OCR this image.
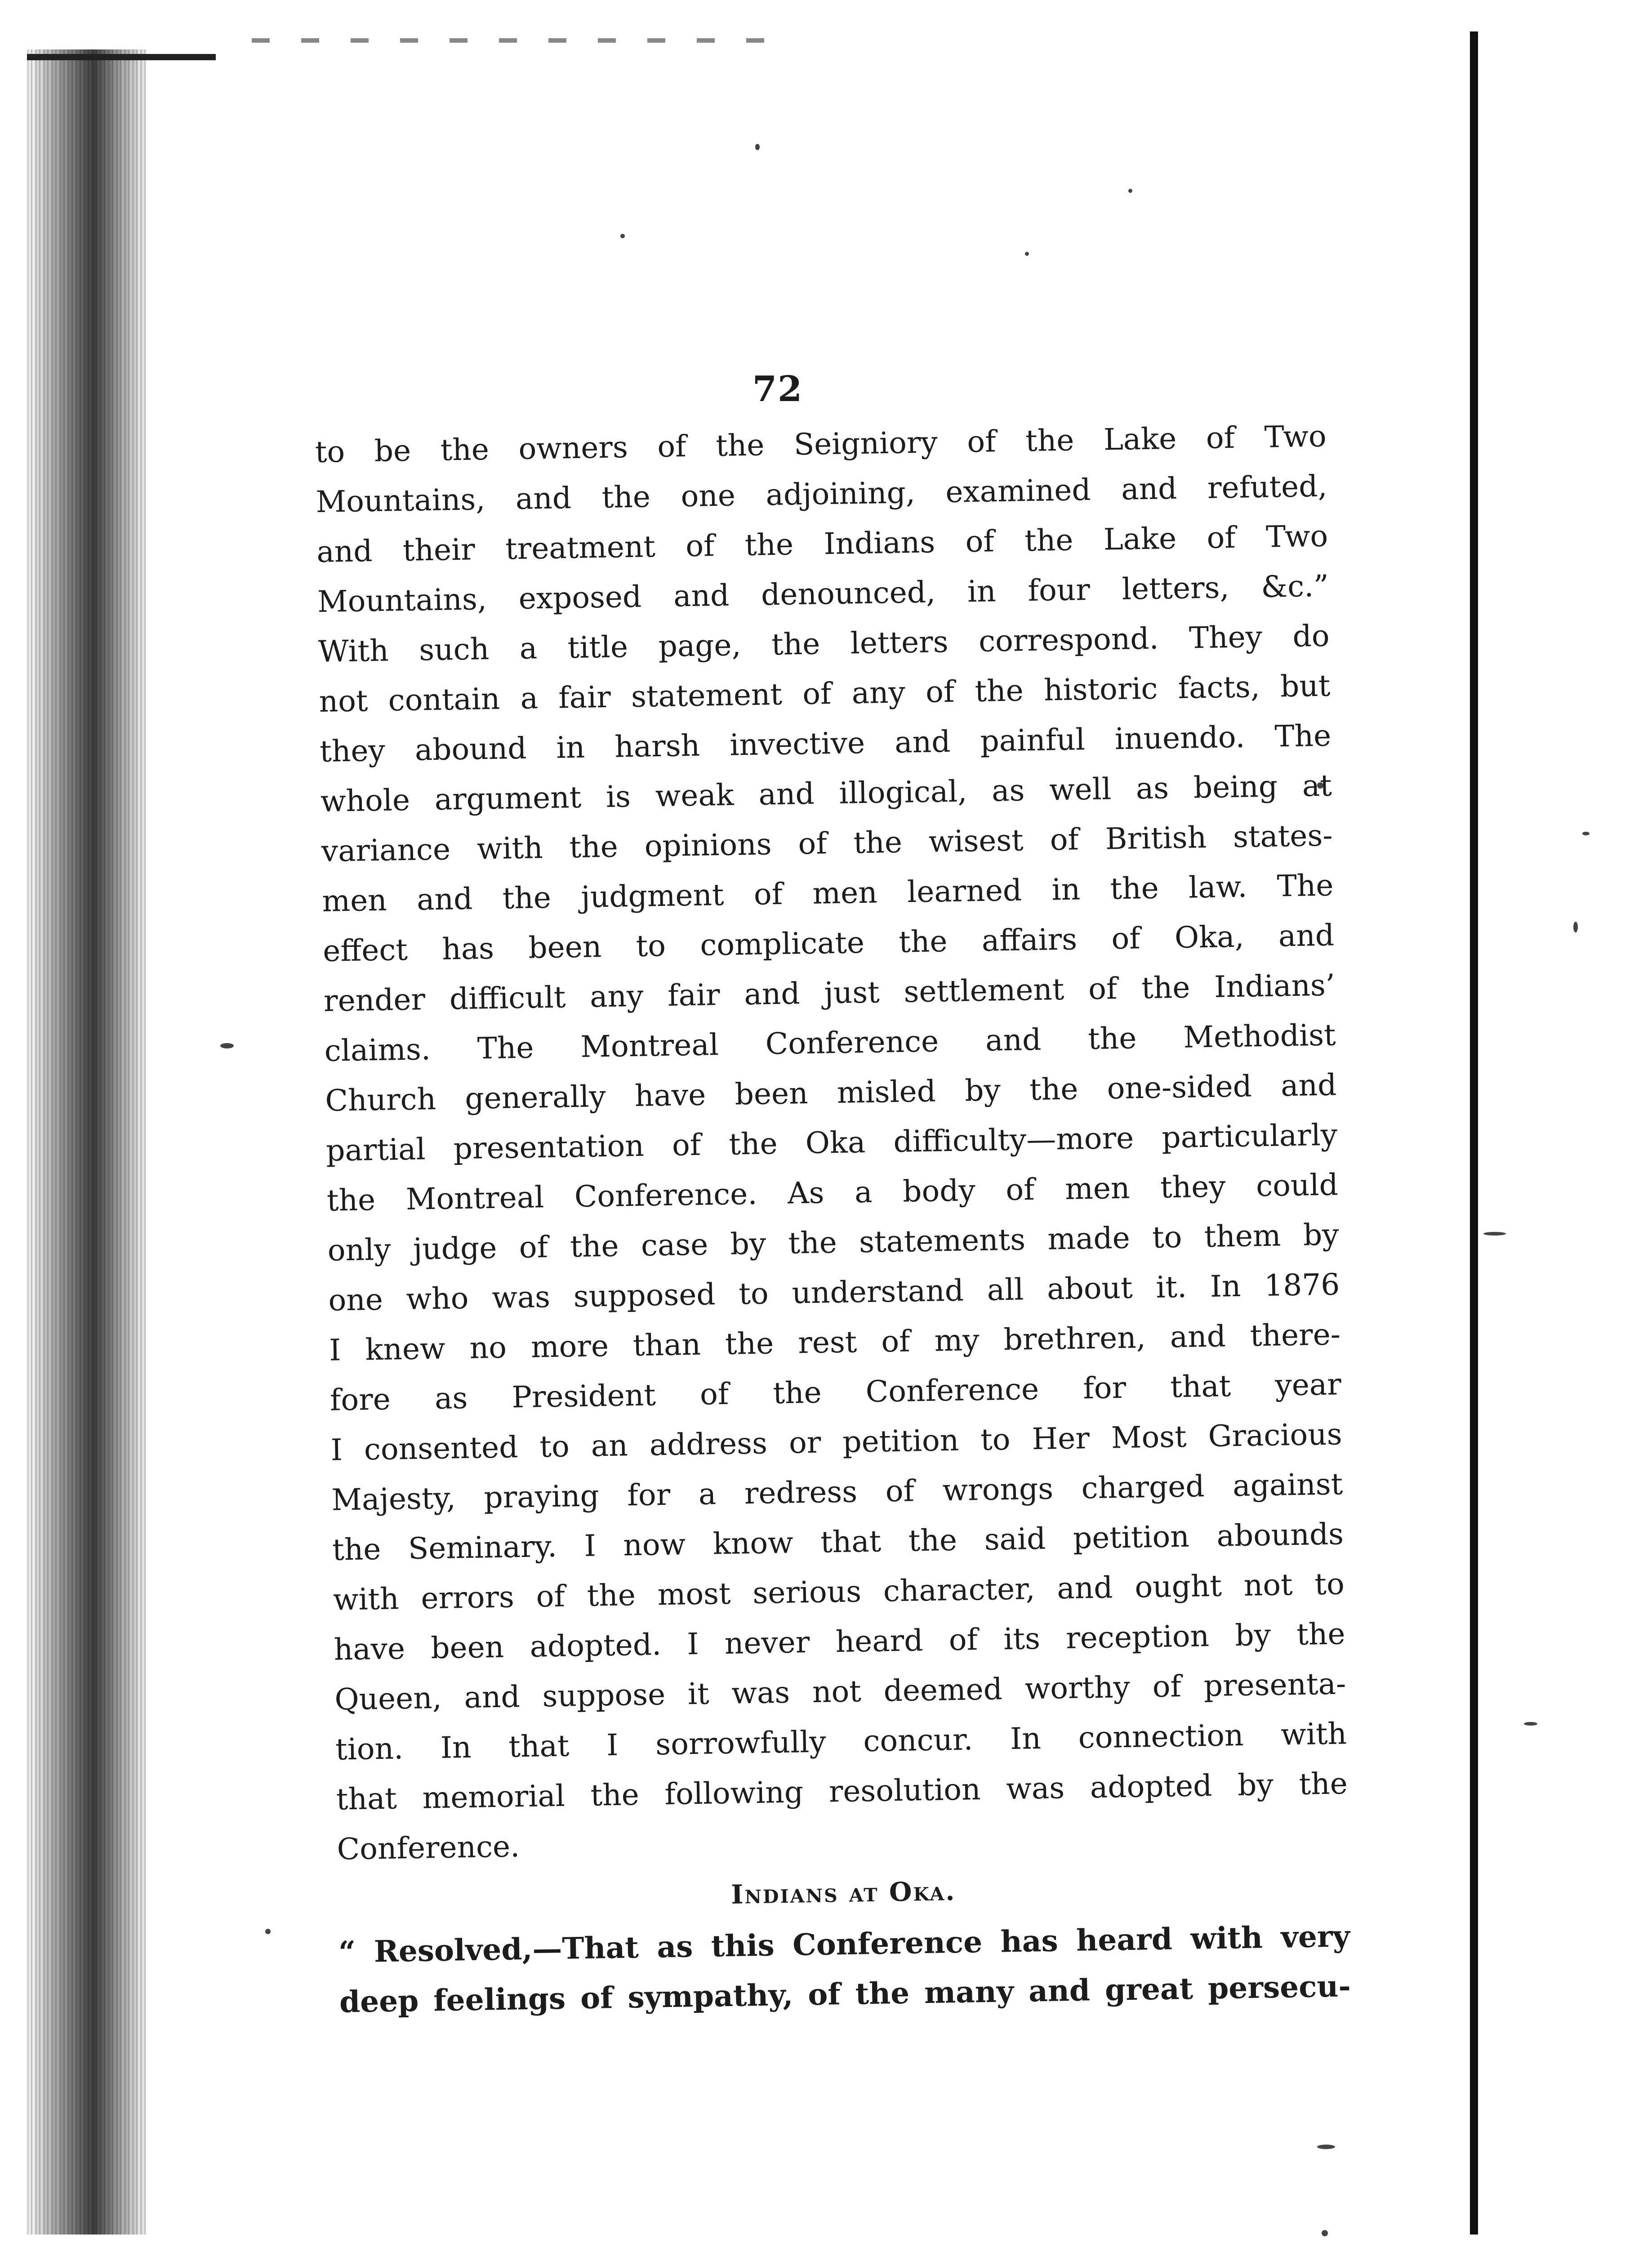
72
to be the owners of the Seigniory of the Lake of Two
Mountains, and the one adjoining, examined and refuted,
and their treatment of the Indians of the Lake of Two
Mountains, exposed and denounced, in four letters, &c.”
With such a title page, the letters correspond. They do
not contain a fair statement of any of the historic facts, but
they abound in harsh invective and painful inuendo. The
whole argument is weak and illogical, as well as being at
variance with the opinions of the wisest of British states-
men and the judgment of men learned in the law. The
effect has been to complicate the affairs of Oka, and
render difficult any fair and just settlement of the Indians’
claims. The Montreal Conference and the Methodist
Church generally have been misled by the one-sided and
partial presentation of the Oka difficulty—more particularly
the Montreal Conference. As a body of men they could
only judge of the case by the statements made to them by
one who was supposed to understand all about it. In 1876
I knew no more than the rest of my brethren, and there-
fore as President of the Conference for that year
I consented to an address or petition to Her Most Gracious
Majesty, praying for a redress of wrongs charged against
the Seminary. I now know that the said petition abounds
with errors of the most serious character, and ought not to
have been adopted. I never heard of its reception by the
Queen, and suppose it was not deemed worthy of presenta-
tion. In that I sorrowfully concur. In connection with
that memorial the following resolution was adopted by the
Conference.
Indians at Oka.
“ Resolved,—That as this Conference has heard with very
deep feelings of sympathy, of the many and great persecu-
